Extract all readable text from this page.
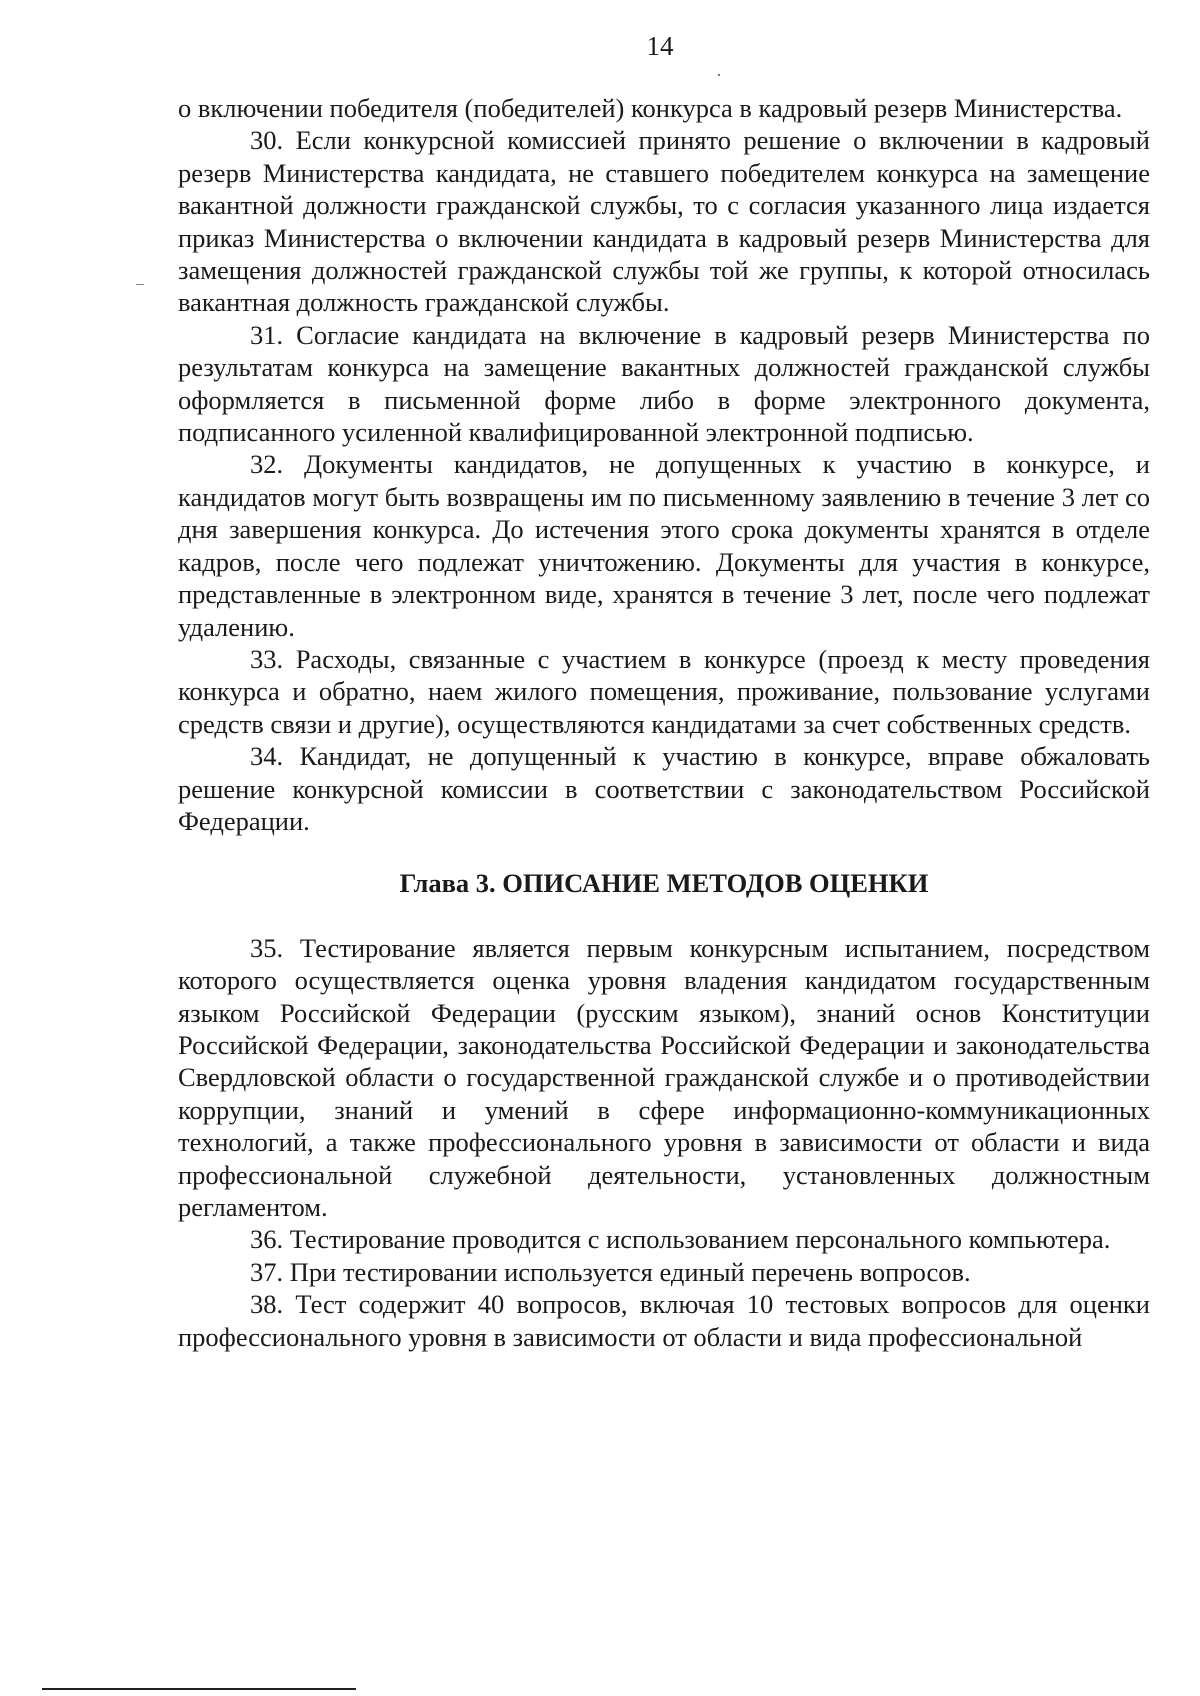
14

о включении победителя (победителей) конкурса в кадровый резерв Министерства.

30. Если конкурсной комиссией принято решение о включении в кадровый резерв Министерства кандидата, не ставшего победителем конкурса на замещение вакантной должности гражданской службы, то с согласия указанного лица издается приказ Министерства о включении кандидата в кадровый резерв Министерства для замещения должностей гражданской службы той же группы, к которой относилась вакантная должность гражданской службы.

31. Согласие кандидата на включение в кадровый резерв Министерства по результатам конкурса на замещение вакантных должностей гражданской службы оформляется в письменной форме либо в форме электронного документа, подписанного усиленной квалифицированной электронной подписью.

32. Документы кандидатов, не допущенных к участию в конкурсе, и кандидатов могут быть возвращены им по письменному заявлению в течение 3 лет со дня завершения конкурса. До истечения этого срока документы хранятся в отделе кадров, после чего подлежат уничтожению. Документы для участия в конкурсе, представленные в электронном виде, хранятся в течение 3 лет, после чего подлежат удалению.

33. Расходы, связанные с участием в конкурсе (проезд к месту проведения конкурса и обратно, наем жилого помещения, проживание, пользование услугами средств связи и другие), осуществляются кандидатами за счет собственных средств.

34. Кандидат, не допущенный к участию в конкурсе, вправе обжаловать решение конкурсной комиссии в соответствии с законодательством Российской Федерации.

Глава 3. ОПИСАНИЕ МЕТОДОВ ОЦЕНКИ

35. Тестирование является первым конкурсным испытанием, посредством которого осуществляется оценка уровня владения кандидатом государственным языком Российской Федерации (русским языком), знаний основ Конституции Российской Федерации, законодательства Российской Федерации и законодательства Свердловской области о государственной гражданской службе и о противодействии коррупции, знаний и умений в сфере информационно-коммуникационных технологий, а также профессионального уровня в зависимости от области и вида профессиональной служебной деятельности, установленных должностным регламентом.

36. Тестирование проводится с использованием персонального компьютера.

37. При тестировании используется единый перечень вопросов.

38. Тест содержит 40 вопросов, включая 10 тестовых вопросов для оценки профессионального уровня в зависимости от области и вида профессиональной
